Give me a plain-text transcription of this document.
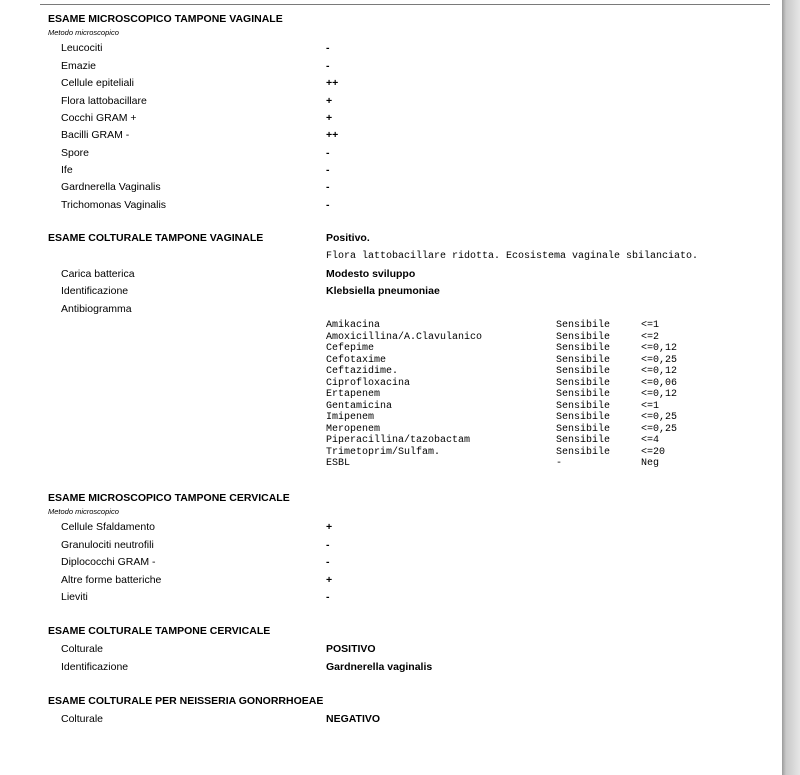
ESAME MICROSCOPICO TAMPONE VAGINALE
Metodo microscopico
Leucociti	-
Emazie	-
Cellule epiteliali	++
Flora lattobacillare	+
Cocchi GRAM +	+
Bacilli GRAM -	++
Spore	-
Ife	-
Gardnerella Vaginalis	-
Trichomonas Vaginalis	-
ESAME COLTURALE TAMPONE VAGINALE	Positivo.
Flora lattobacillare ridotta. Ecosistema vaginale sbilanciato.
Carica batterica	Modesto sviluppo
Identificazione	Klebsiella pneumoniae
Antibiogramma
Amikacina	Sensibile	<=1
Amoxicillina/A.Clavulanico	Sensibile	<=2
Cefepime	Sensibile	<=0,12
Cefotaxime	Sensibile	<=0,25
Ceftazidime.	Sensibile	<=0,12
Ciprofloxacina	Sensibile	<=0,06
Ertapenem	Sensibile	<=0,12
Gentamicina	Sensibile	<=1
Imipenem	Sensibile	<=0,25
Meropenem	Sensibile	<=0,25
Piperacillina/tazobactam	Sensibile	<=4
Trimetoprim/Sulfam.	Sensibile	<=20
ESBL	-	Neg
ESAME MICROSCOPICO TAMPONE CERVICALE
Metodo microscopico
Cellule Sfaldamento	+
Granulociti neutrofili	-
Diplococchi GRAM -	-
Altre forme batteriche	+
Lieviti	-
ESAME COLTURALE TAMPONE CERVICALE
Colturale	POSITIVO
Identificazione	Gardnerella vaginalis
ESAME COLTURALE PER NEISSERIA GONORRHOEAE
Colturale	NEGATIVO
